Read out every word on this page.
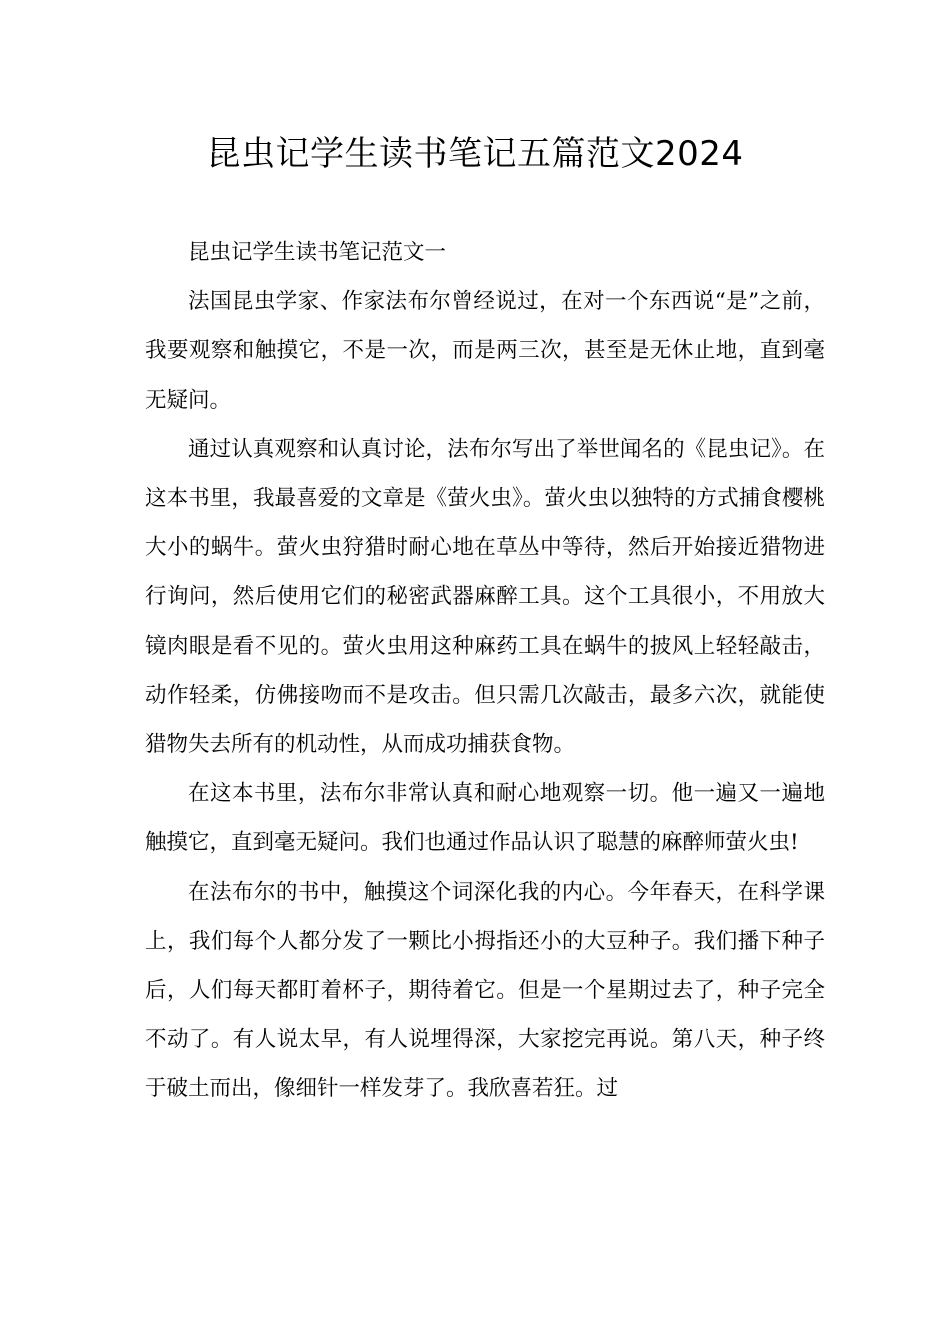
昆虫记学生读书笔记五篇范文2024

昆虫记学生读书笔记范文一

法国昆虫学家、作家法布尔曾经说过，在对一个东西说“是”之前，我要观察和触摸它，不是一次，而是两三次，甚至是无休止地，直到毫无疑问。

通过认真观察和认真讨论，法布尔写出了举世闻名的《昆虫记》。在这本书里，我最喜爱的文章是《萤火虫》。萤火虫以独特的方式捕食樱桃大小的蜗牛。萤火虫狩猎时耐心地在草丛中等待，然后开始接近猎物进行询问，然后使用它们的秘密武器麻醉工具。这个工具很小，不用放大镜肉眼是看不见的。萤火虫用这种麻药工具在蜗牛的披风上轻轻敲击，动作轻柔，仿佛接吻而不是攻击。但只需几次敲击，最多六次，就能使猎物失去所有的机动性，从而成功捕获食物。

在这本书里，法布尔非常认真和耐心地观察一切。他一遍又一遍地触摸它，直到毫无疑问。我们也通过作品认识了聪慧的麻醉师萤火虫!

在法布尔的书中，触摸这个词深化我的内心。今年春天，在科学课上，我们每个人都分发了一颗比小拇指还小的大豆种子。我们播下种子后，人们每天都盯着杯子，期待着它。但是一个星期过去了，种子完全不动了。有人说太早，有人说埋得深，大家挖完再说。第八天，种子终于破土而出，像细针一样发芽了。我欣喜若狂。过
